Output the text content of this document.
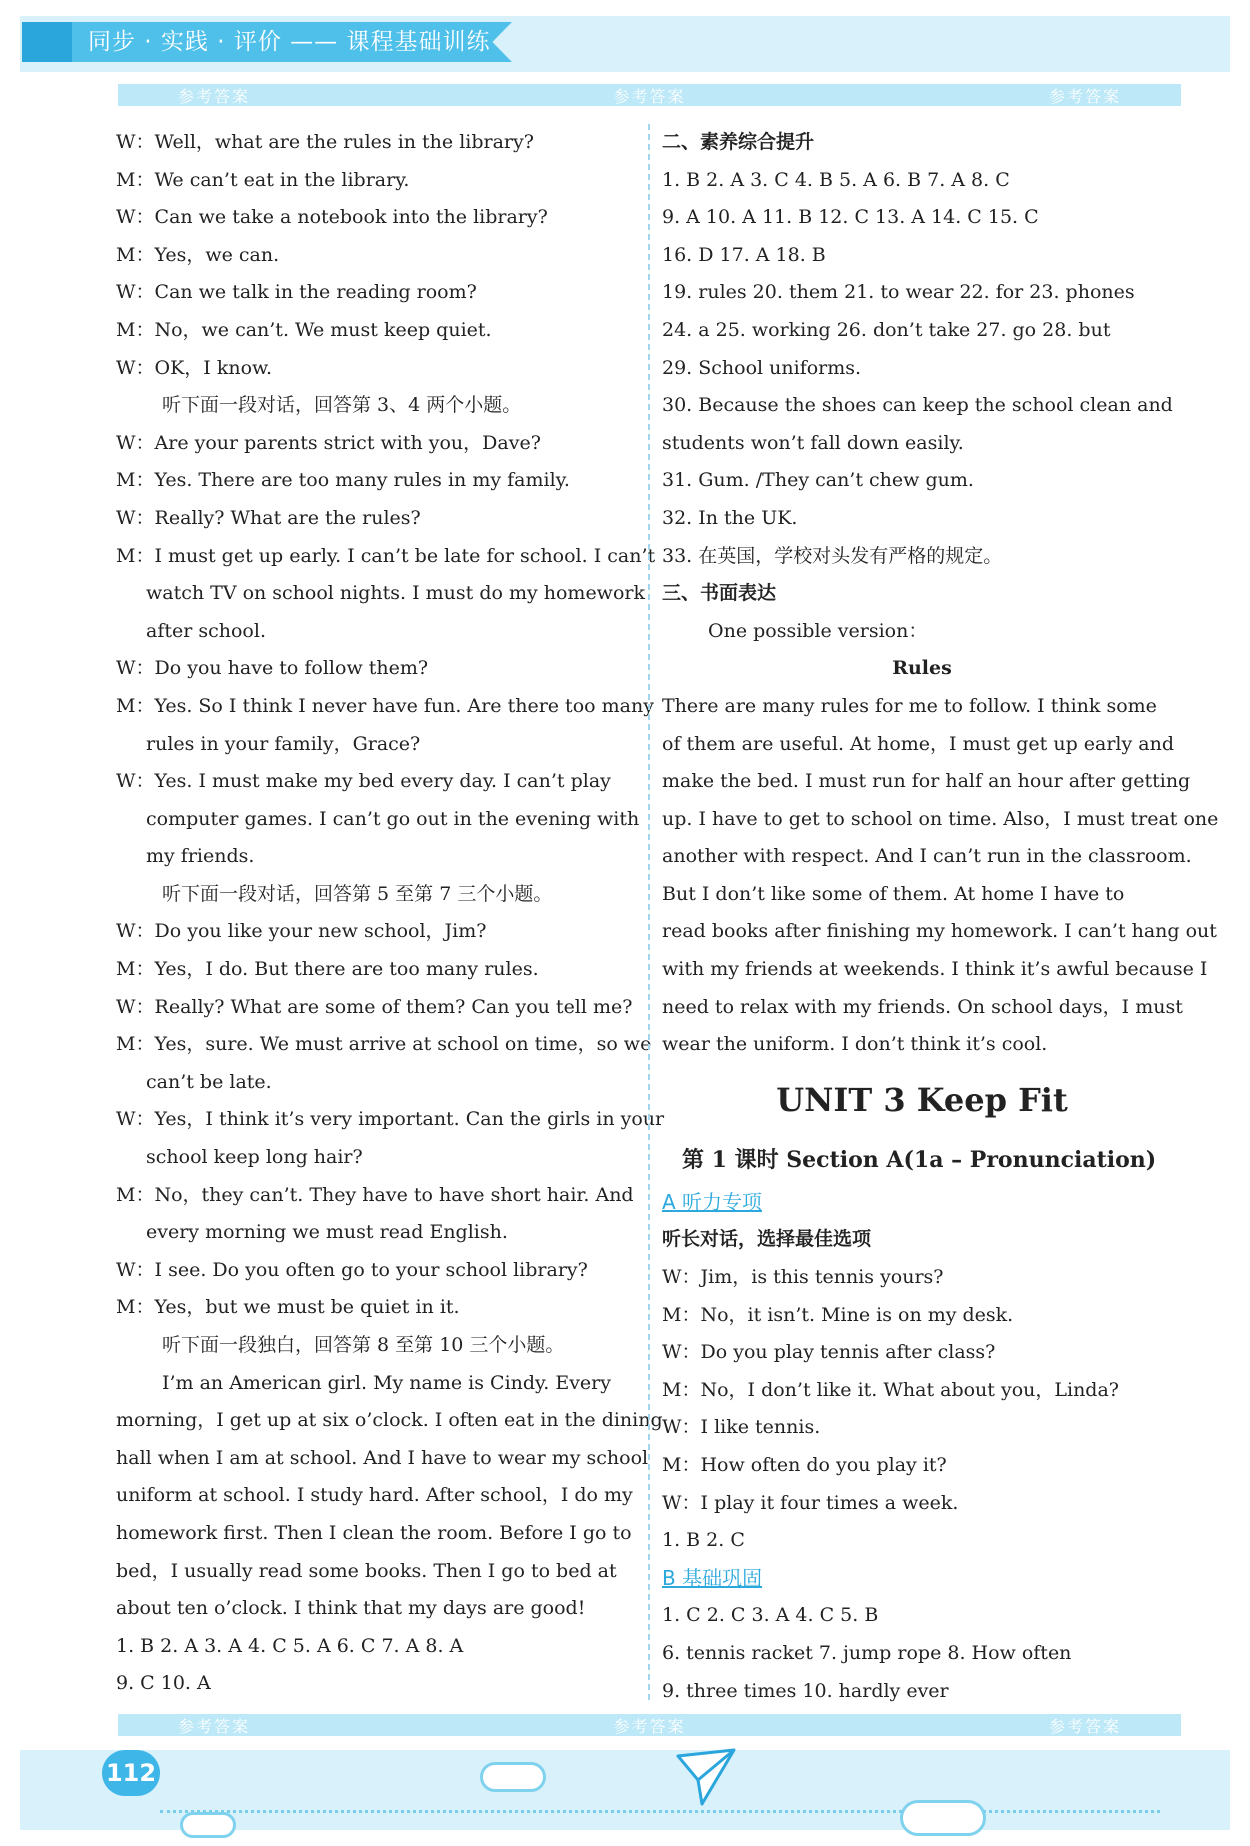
同步 · 实践 · 评价 —— 课程基础训练
参考答案	参考答案	参考答案
W：Well，what are the rules in the library?
M：We can’t eat in the library.
W：Can we take a notebook into the library?
M：Yes，we can.
W：Can we talk in the reading room?
M：No，we can’t. We must keep quiet.
W：OK，I know.
听下面一段对话，回答第 3、4 两个小题。
W：Are your parents strict with you，Dave?
M：Yes. There are too many rules in my family.
W：Really? What are the rules?
M：I must get up early. I can’t be late for school. I can’t
watch TV on school nights. I must do my homework
after school.
W：Do you have to follow them?
M：Yes. So I think I never have fun. Are there too many
rules in your family，Grace?
W：Yes. I must make my bed every day. I can’t play
computer games. I can’t go out in the evening with
my friends.
听下面一段对话，回答第 5 至第 7 三个小题。
W：Do you like your new school，Jim?
M：Yes，I do. But there are too many rules.
W：Really? What are some of them? Can you tell me?
M：Yes，sure. We must arrive at school on time，so we
can’t be late.
W：Yes，I think it’s very important. Can the girls in your
school keep long hair?
M：No，they can’t. They have to have short hair. And
every morning we must read English.
W：I see. Do you often go to your school library?
M：Yes，but we must be quiet in it.
听下面一段独白，回答第 8 至第 10 三个小题。
I’m an American girl. My name is Cindy. Every
morning，I get up at six o’clock. I often eat in the dining
hall when I am at school. And I have to wear my school
uniform at school. I study hard. After school，I do my
homework first. Then I clean the room. Before I go to
bed，I usually read some books. Then I go to bed at
about ten o’clock. I think that my days are good!
1. B 2. A 3. A 4. C 5. A 6. C 7. A 8. A
9. C 10. A
二、素养综合提升
1. B 2. A 3. C 4. B 5. A 6. B 7. A 8. C
9. A 10. A 11. B 12. C 13. A 14. C 15. C
16. D 17. A 18. B
19. rules 20. them 21. to wear 22. for 23. phones
24. a 25. working 26. don’t take 27. go 28. but
29. School uniforms.
30. Because the shoes can keep the school clean and
students won’t fall down easily.
31. Gum. /They can’t chew gum.
32. In the UK.
33. 在英国，学校对头发有严格的规定。
三、书面表达
One possible version：
Rules
There are many rules for me to follow. I think some
of them are useful. At home，I must get up early and
make the bed. I must run for half an hour after getting
up. I have to get to school on time. Also，I must treat one
another with respect. And I can’t run in the classroom.
But I don’t like some of them. At home I have to
read books after finishing my homework. I can’t hang out
with my friends at weekends. I think it’s awful because I
need to relax with my friends. On school days，I must
wear the uniform. I don’t think it’s cool.
UNIT 3 Keep Fit
第 1 课时 Section A(1a – Pronunciation)
A 听力专项
听长对话，选择最佳选项
W：Jim，is this tennis yours?
M：No，it isn’t. Mine is on my desk.
W：Do you play tennis after class?
M：No，I don’t like it. What about you，Linda?
W：I like tennis.
M：How often do you play it?
W：I play it four times a week.
1. B 2. C
B 基础巩固
1. C 2. C 3. A 4. C 5. B
6. tennis racket 7. jump rope 8. How often
9. three times 10. hardly ever
参考答案	参考答案	参考答案
112
